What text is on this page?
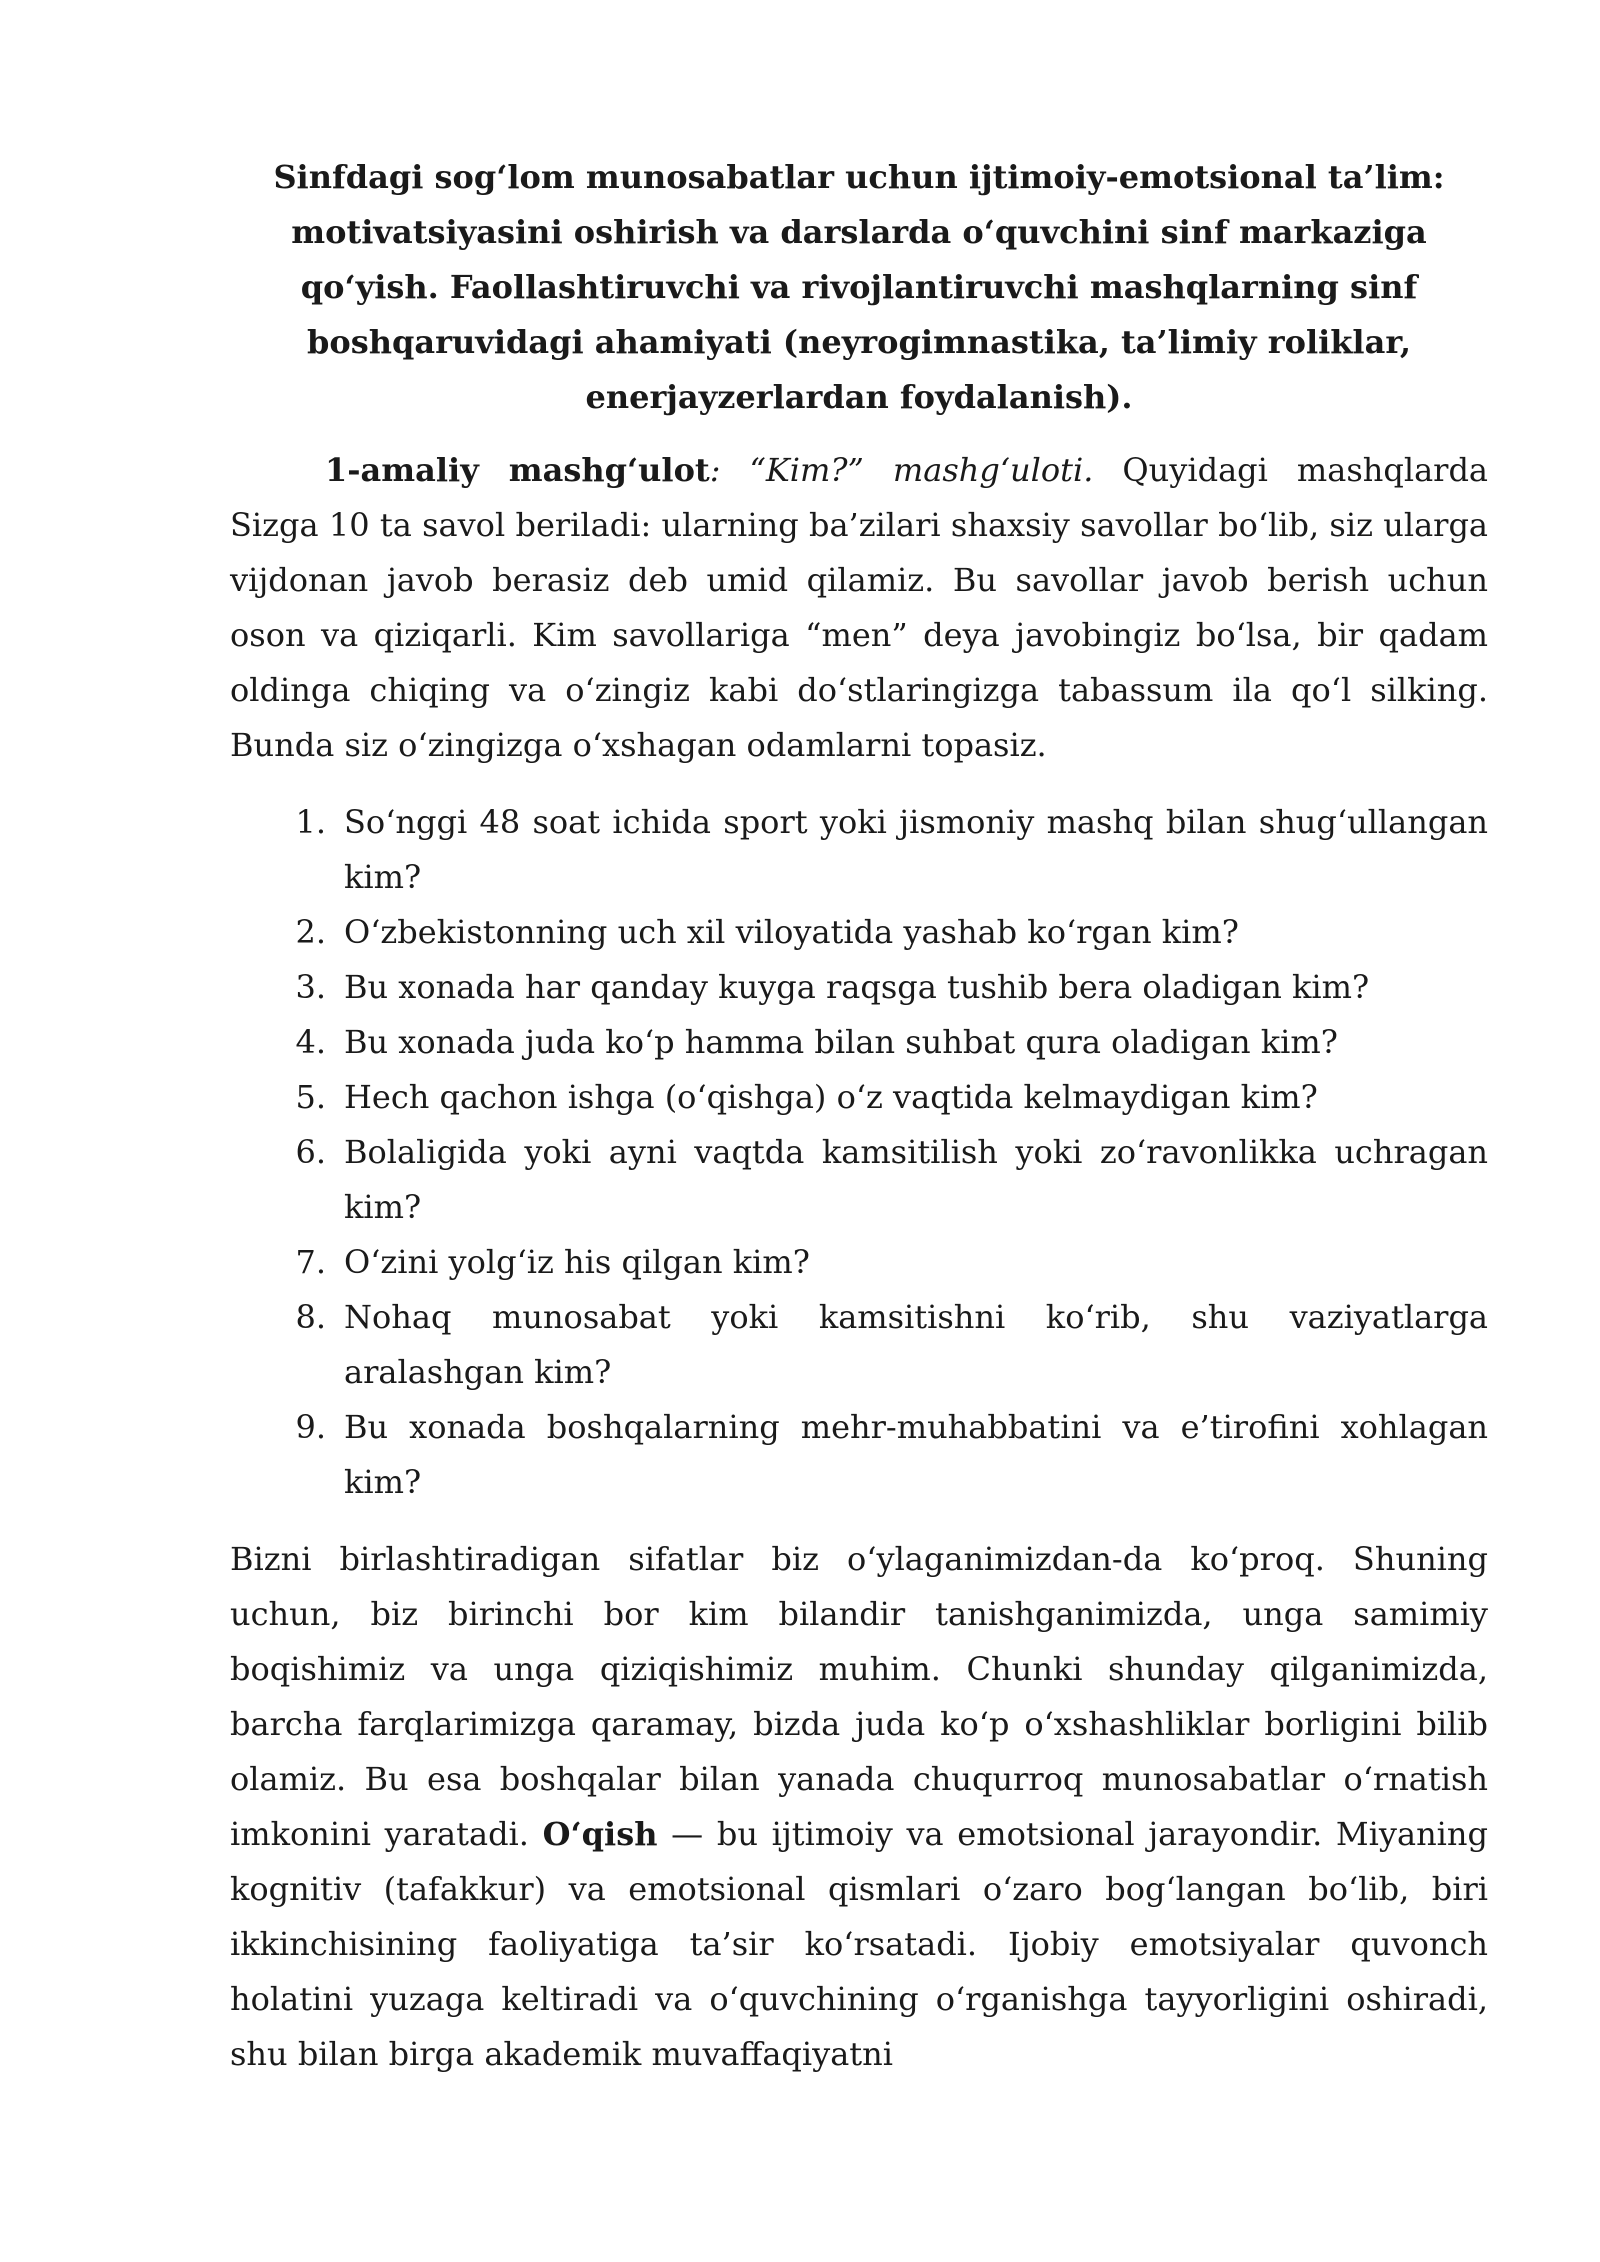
Sinfdagi sog‘lom munosabatlar uchun ijtimoiy-emotsional ta’lim:
motivatsiyasini oshirish va darslarda o‘quvchini sinf markaziga
qo‘yish. Faollashtiruvchi va rivojlantiruvchi mashqlarning sinf
boshqaruvidagi ahamiyati (neyrogimnastika, ta’limiy roliklar,
enerjayzerlardan foydalanish).

1-amaliy mashg‘ulot: “Kim?” mashg‘uloti. Quyidagi mashqlarda Sizga 10 ta savol beriladi: ularning ba’zilari shaxsiy savollar bo‘lib, siz ularga vijdonan javob berasiz deb umid qilamiz. Bu savollar javob berish uchun oson va qiziqarli. Kim savollariga “men” deya javobingiz bo‘lsa, bir qadam oldinga chiqing va o‘zingiz kabi do‘stlaringizga tabassum ila qo‘l silking. Bunda siz o‘zingizga o‘xshagan odamlarni topasiz.

1. So‘nggi 48 soat ichida sport yoki jismoniy mashq bilan shug‘ullangan kim?
2. O‘zbekistonning uch xil viloyatida yashab ko‘rgan kim?
3. Bu xonada har qanday kuyga raqsga tushib bera oladigan kim?
4. Bu xonada juda ko‘p hamma bilan suhbat qura oladigan kim?
5. Hech qachon ishga (o‘qishga) o‘z vaqtida kelmaydigan kim?
6. Bolaligida yoki ayni vaqtda kamsitilish yoki zo‘ravonlikka uchragan kim?
7. O‘zini yolg‘iz his qilgan kim?
8. Nohaq munosabat yoki kamsitishni ko‘rib, shu vaziyatlarga aralashgan kim?
9. Bu xonada boshqalarning mehr-muhabbatini va e’tirofini xohlagan kim?

Bizni birlashtiradigan sifatlar biz o‘ylaganimizdan-da ko‘proq. Shuning uchun, biz birinchi bor kim bilandir tanishganimizda, unga samimiy boqishimiz va unga qiziqishimiz muhim. Chunki shunday qilganimizda, barcha farqlarimizga qaramay, bizda juda ko‘p o‘xshashliklar borligini bilib olamiz. Bu esa boshqalar bilan yanada chuqurroq munosabatlar o‘rnatish imkonini yaratadi. O‘qish — bu ijtimoiy va emotsional jarayondir. Miyaning kognitiv (tafakkur) va emotsional qismlari o‘zaro bog‘langan bo‘lib, biri ikkinchisining faoliyatiga ta’sir ko‘rsatadi. Ijobiy emotsiyalar quvonch holatini yuzaga keltiradi va o‘quvchining o‘rganishga tayyorligini oshiradi, shu bilan birga akademik muvaffaqiyatni
